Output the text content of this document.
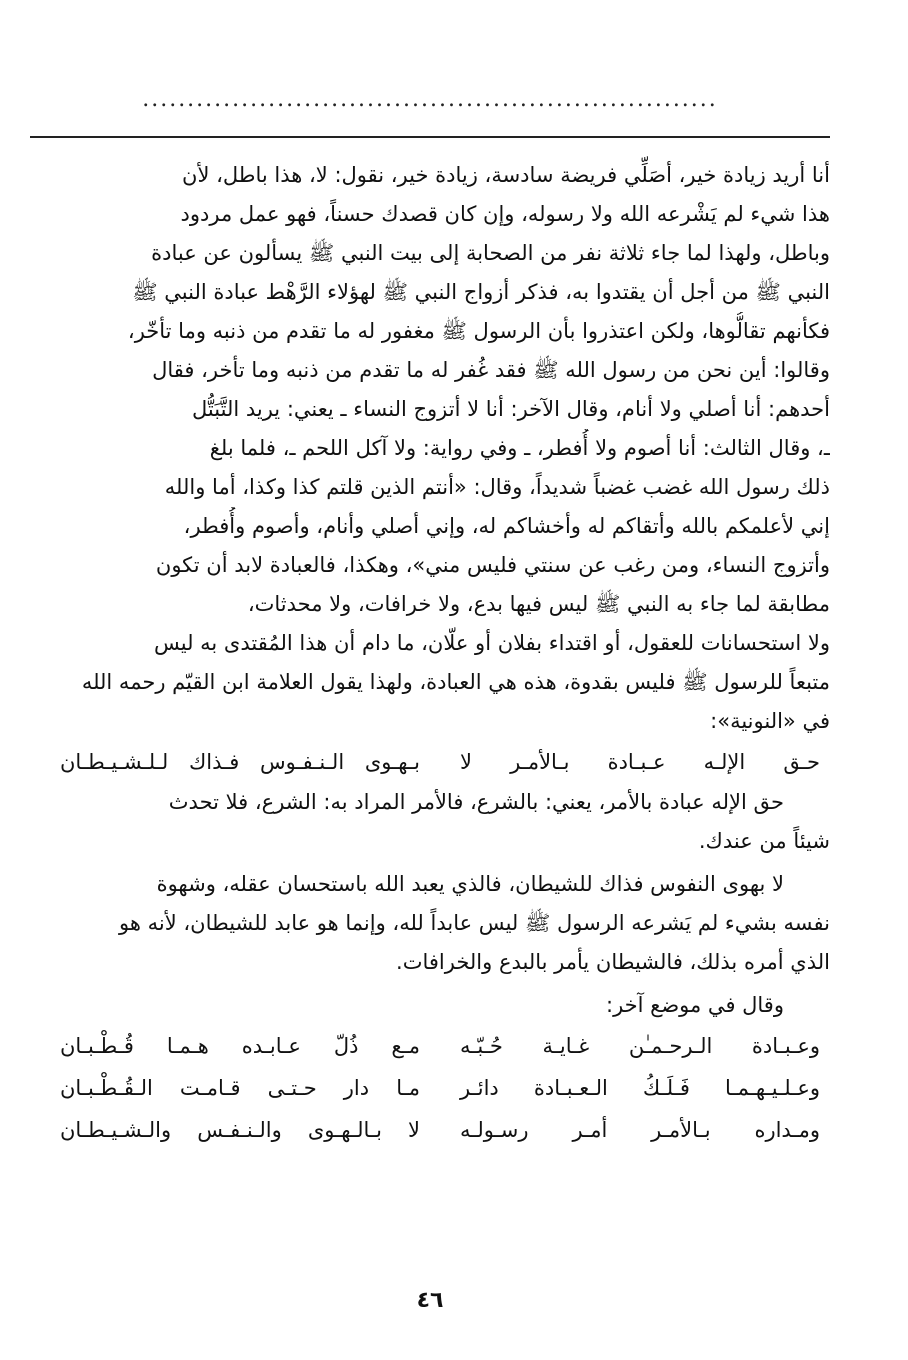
................................................................
أنا أريد زيادة خير، أصَلِّي فريضة سادسة، زيادة خير، نقول: لا، هذا باطل، لأن
هذا شيء لم يَشْرعه الله ولا رسوله، وإن كان قصدك حسناً، فهو عمل مردود
وباطل، ولهذا لما جاء ثلاثة نفر من الصحابة إلى بيت النبي ﷺ يسألون عن عبادة
النبي ﷺ من أجل أن يقتدوا به، فذكر أزواج النبي ﷺ لهؤلاء الرَّهْط عبادة النبي ﷺ
فكأنهم تقالُّوها، ولكن اعتذروا بأن الرسول ﷺ مغفور له ما تقدم من ذنبه وما تأخّر،
وقالوا: أين نحن من رسول الله ﷺ فقد غُفر له ما تقدم من ذنبه وما تأخر، فقال
أحدهم: أنا أصلي ولا أنام، وقال الآخر: أنا لا أتزوج النساء ـ يعني: يريد التَّبَتُّل
ـ، وقال الثالث: أنا أصوم ولا أُفطر، ـ وفي رواية: ولا آكل اللحم ـ، فلما بلغ
ذلك رسول الله غضب غضباً شديداً، وقال: «أنتم الذين قلتم كذا وكذا، أما والله
إني لأعلمكم بالله وأتقاكم له وأخشاكم له، وإني أصلي وأنام، وأصوم وأُفطر،
وأتزوج النساء، ومن رغب عن سنتي فليس مني»، وهكذا، فالعبادة لابد أن تكون
مطابقة لما جاء به النبي ﷺ ليس فيها بدع، ولا خرافات، ولا محدثات،
ولا استحسانات للعقول، أو اقتداء بفلان أو علّان، ما دام أن هذا المُقتدى به ليس
متبعاً للرسول ﷺ فليس بقدوة، هذه هي العبادة، ولهذا يقول العلامة ابن القيّم رحمه الله
في «النونية»:
حـق الإلـه عـبـادة بـالأمـر لا
بـهـوى الـنـفـوس فـذاك لـلـشـيـطـان
حق الإله عبادة بالأمر، يعني: بالشرع، فالأمر المراد به: الشرع، فلا تحدث
شيئاً من عندك.
لا بهوى النفوس فذاك للشيطان، فالذي يعبد الله باستحسان عقله، وشهوة
نفسه بشيء لم يَشرعه الرسول ﷺ ليس عابداً لله، وإنما هو عابد للشيطان، لأنه هو
الذي أمره بذلك، فالشيطان يأمر بالبدع والخرافات.
وقال في موضع آخر:
وعـبـادة الـرحـمـٰن غـايـة حُـبّـه
مـع ذُلّ عـابـده هـمـا قُـطْـبـان
وعـلـيـهـمـا فَـلَـكُ الـعـبـادة دائـر
مـا دار حـتـى قـامـت الـقُـطْـبـان
ومـداره بـالأمـر أمـر رسـولـه
لا بـالـهـوى والـنـفـس والـشـيـطـان
٤٦
